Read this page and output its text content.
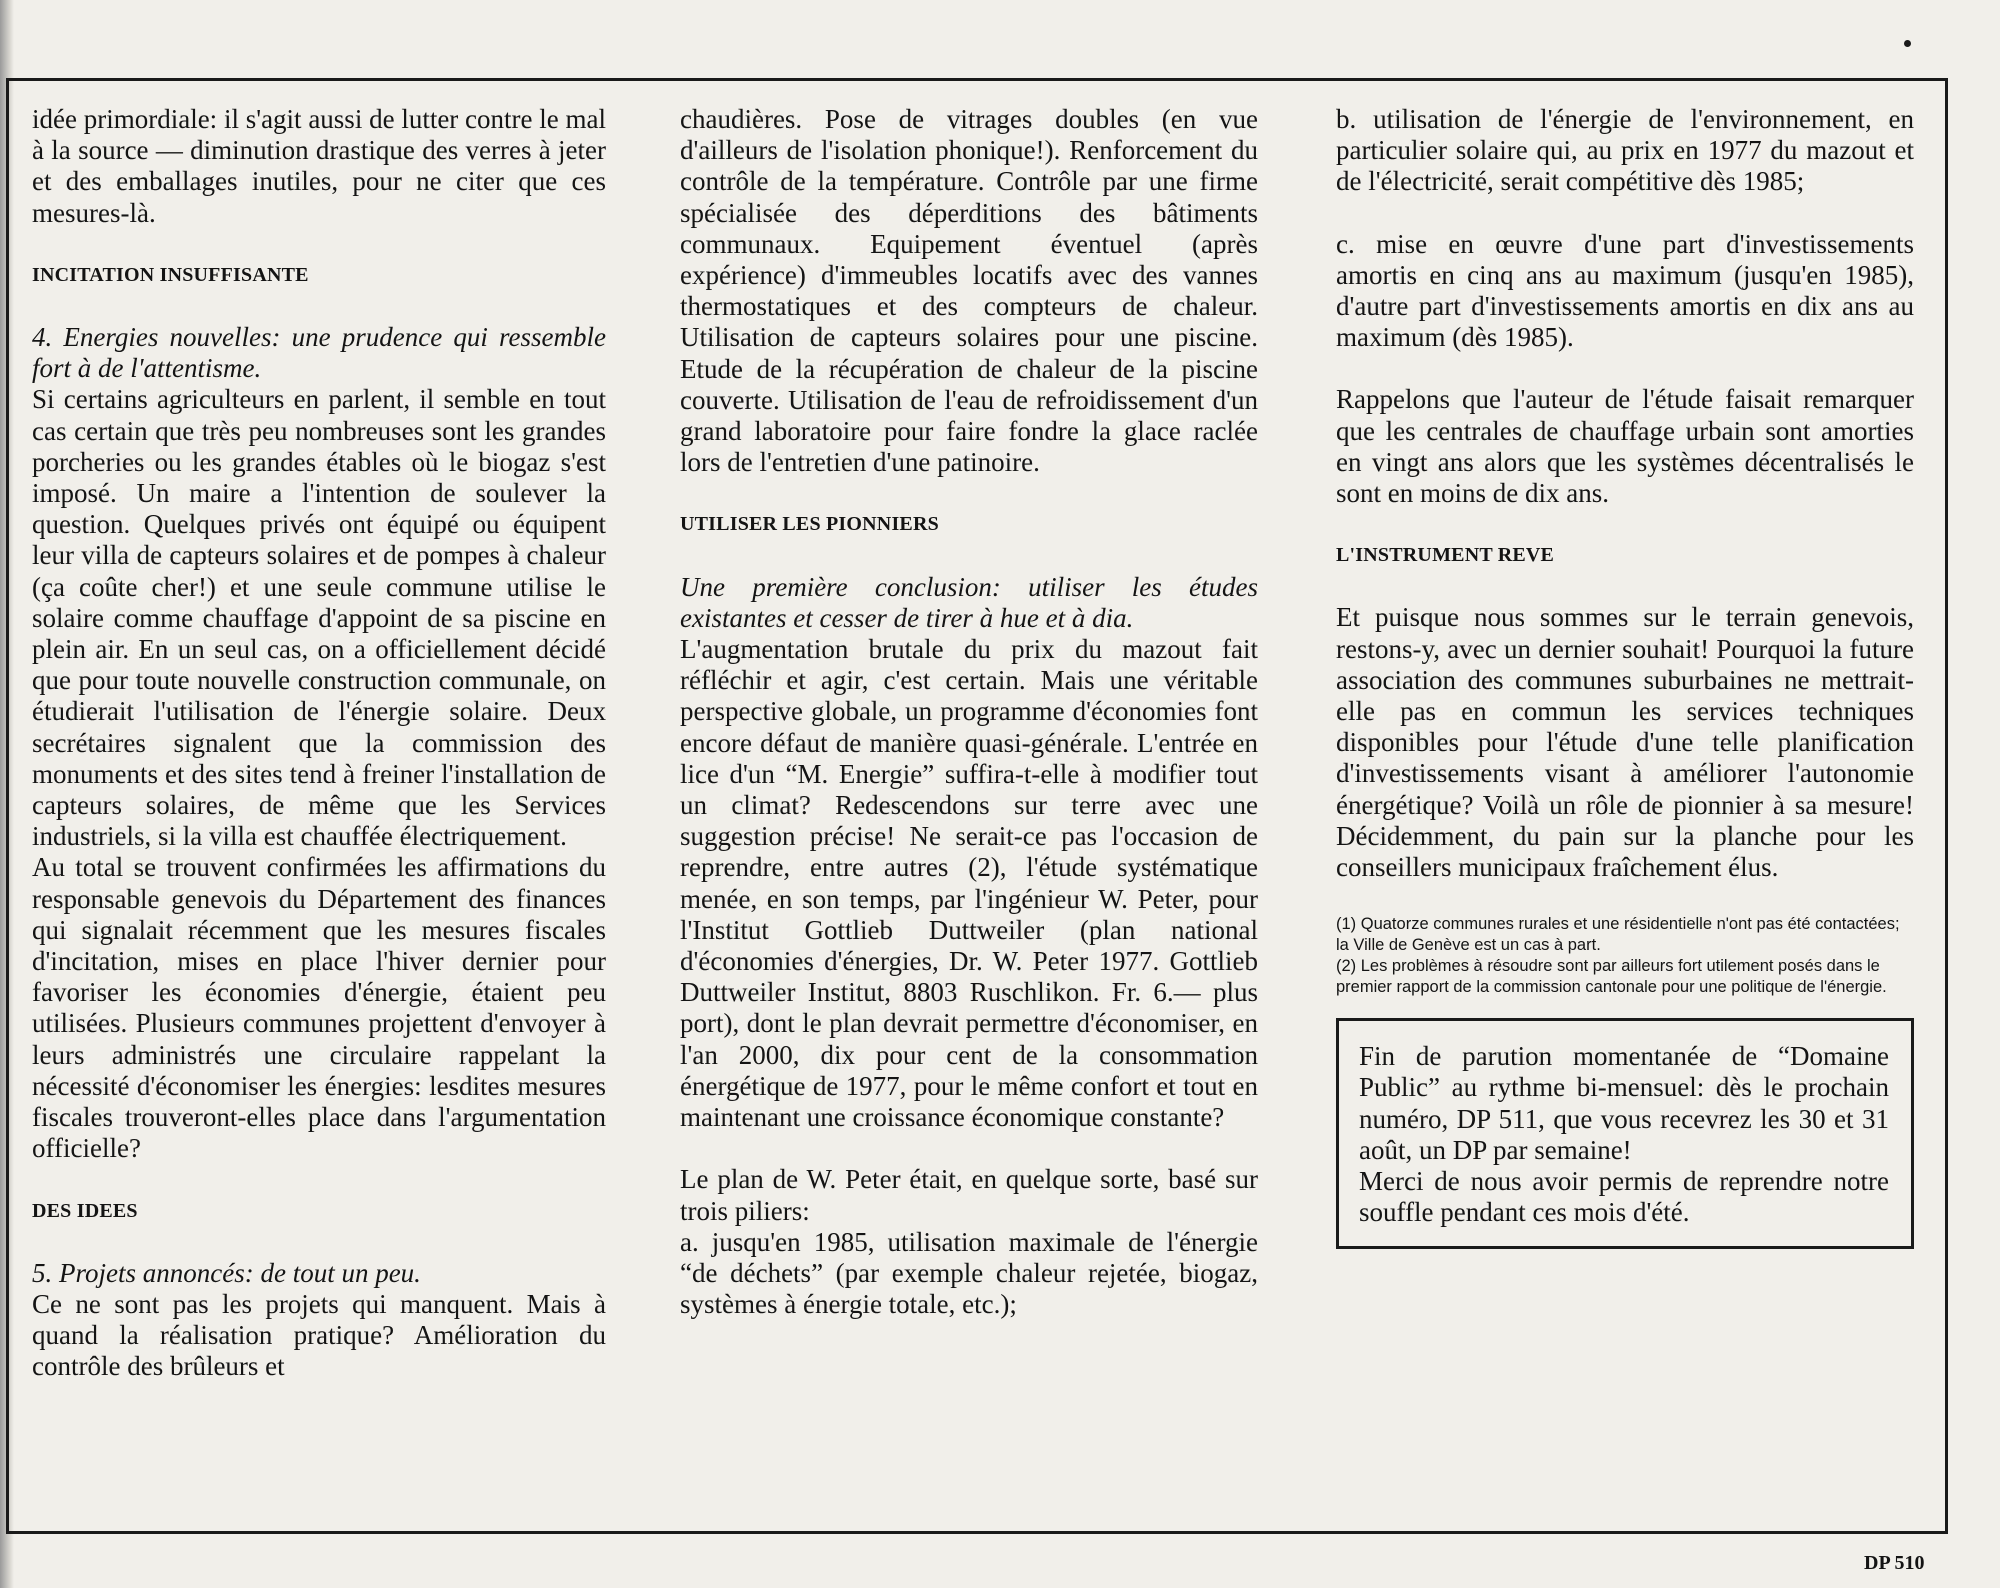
idée primordiale: il s'agit aussi de lutter contre le mal à la source — diminution drastique des verres à jeter et des emballages inutiles, pour ne citer que ces mesures-là.

INCITATION INSUFFISANTE

4. Energies nouvelles: une prudence qui ressemble fort à de l'attentisme.

Si certains agriculteurs en parlent, il semble en tout cas certain que très peu nombreuses sont les grandes porcheries ou les grandes étables où le biogaz s'est imposé. Un maire a l'intention de soulever la question. Quelques privés ont équipé ou équipent leur villa de capteurs solaires et de pompes à chaleur (ça coûte cher!) et une seule commune utilise le solaire comme chauffage d'appoint de sa piscine en plein air. En un seul cas, on a officiellement décidé que pour toute nouvelle construction communale, on étudierait l'utilisation de l'énergie solaire. Deux secrétaires signalent que la commission des monuments et des sites tend à freiner l'installation de capteurs solaires, de même que les Services industriels, si la villa est chauffée électriquement.

Au total se trouvent confirmées les affirmations du responsable genevois du Département des finances qui signalait récemment que les mesures fiscales d'incitation, mises en place l'hiver dernier pour favoriser les économies d'énergie, étaient peu utilisées. Plusieurs communes projettent d'envoyer à leurs administrés une circulaire rappelant la nécessité d'économiser les énergies: lesdites mesures fiscales trouveront-elles place dans l'argumentation officielle?

DES IDEES

5. Projets annoncés: de tout un peu.

Ce ne sont pas les projets qui manquent. Mais à quand la réalisation pratique? Amélioration du contrôle des brûleurs et

chaudières. Pose de vitrages doubles (en vue d'ailleurs de l'isolation phonique!). Renforcement du contrôle de la température. Contrôle par une firme spécialisée des déperditions des bâtiments communaux. Equipement éventuel (après expérience) d'immeubles locatifs avec des vannes thermostatiques et des compteurs de chaleur. Utilisation de capteurs solaires pour une piscine. Etude de la récupération de chaleur de la piscine couverte. Utilisation de l'eau de refroidissement d'un grand laboratoire pour faire fondre la glace raclée lors de l'entretien d'une patinoire.

UTILISER LES PIONNIERS

Une première conclusion: utiliser les études existantes et cesser de tirer à hue et à dia.

L'augmentation brutale du prix du mazout fait réfléchir et agir, c'est certain. Mais une véritable perspective globale, un programme d'économies font encore défaut de manière quasi-générale. L'entrée en lice d'un “M. Energie” suffira-t-elle à modifier tout un climat? Redescendons sur terre avec une suggestion précise! Ne serait-ce pas l'occasion de reprendre, entre autres (2), l'étude systématique menée, en son temps, par l'ingénieur W. Peter, pour l'Institut Gottlieb Duttweiler (plan national d'économies d'énergies, Dr. W. Peter 1977. Gottlieb Duttweiler Institut, 8803 Ruschlikon. Fr. 6.— plus port), dont le plan devrait permettre d'économiser, en l'an 2000, dix pour cent de la consommation énergétique de 1977, pour le même confort et tout en maintenant une croissance économique constante?

Le plan de W. Peter était, en quelque sorte, basé sur trois piliers:

a. jusqu'en 1985, utilisation maximale de l'énergie “de déchets” (par exemple chaleur rejetée, biogaz, systèmes à énergie totale, etc.);

b. utilisation de l'énergie de l'environnement, en particulier solaire qui, au prix en 1977 du mazout et de l'électricité, serait compétitive dès 1985;

c. mise en œuvre d'une part d'investissements amortis en cinq ans au maximum (jusqu'en 1985), d'autre part d'investissements amortis en dix ans au maximum (dès 1985).

Rappelons que l'auteur de l'étude faisait remarquer que les centrales de chauffage urbain sont amorties en vingt ans alors que les systèmes décentralisés le sont en moins de dix ans.

L'INSTRUMENT REVE

Et puisque nous sommes sur le terrain genevois, restons-y, avec un dernier souhait! Pourquoi la future association des communes suburbaines ne mettrait-elle pas en commun les services techniques disponibles pour l'étude d'une telle planification d'investissements visant à améliorer l'autonomie énergétique? Voilà un rôle de pionnier à sa mesure! Décidemment, du pain sur la planche pour les conseillers municipaux fraîchement élus.

(1) Quatorze communes rurales et une résidentielle n'ont pas été contactées; la Ville de Genève est un cas à part.

(2) Les problèmes à résoudre sont par ailleurs fort utilement posés dans le premier rapport de la commission cantonale pour une politique de l'énergie.

Fin de parution momentanée de “Domaine Public” au rythme bi-mensuel: dès le prochain numéro, DP 511, que vous recevrez les 30 et 31 août, un DP par semaine!

Merci de nous avoir permis de reprendre notre souffle pendant ces mois d'été.

DP 510
